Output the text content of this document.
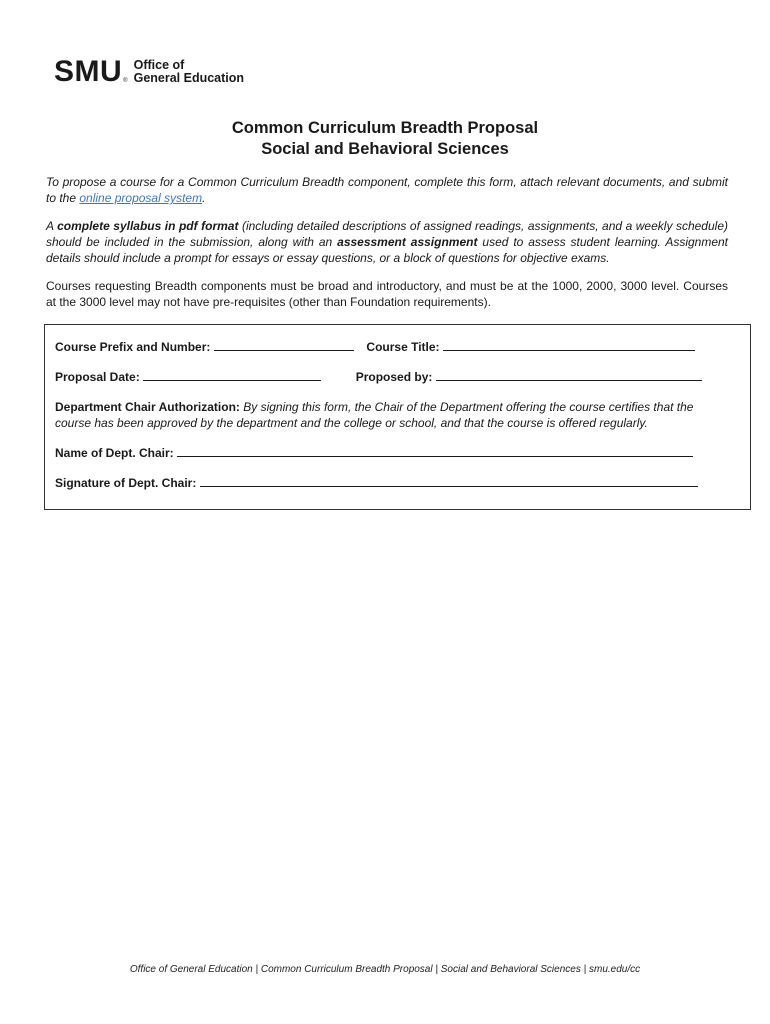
SMU ®
Office of
General Education
Common Curriculum Breadth Proposal
Social and Behavioral Sciences
To propose a course for a Common Curriculum Breadth component, complete this form, attach relevant documents, and submit to the online proposal system.
A complete syllabus in pdf format (including detailed descriptions of assigned readings, assignments, and a weekly schedule) should be included in the submission, along with an assessment assignment used to assess student learning. Assignment details should include a prompt for essays or essay questions, or a block of questions for objective exams.
Courses requesting Breadth components must be broad and introductory, and must be at the 1000, 2000, 3000 level. Courses at the 3000 level may not have pre-requisites (other than Foundation requirements).
Course Prefix and Number:	Course Title:
Proposal Date:	Proposed by:
Department Chair Authorization: By signing this form, the Chair of the Department offering the course certifies that the course has been approved by the department and the college or school, and that the course is offered regularly.
Name of Dept. Chair:
Signature of Dept. Chair:
Office of General Education | Common Curriculum Breadth Proposal | Social and Behavioral Sciences | smu.edu/cc
